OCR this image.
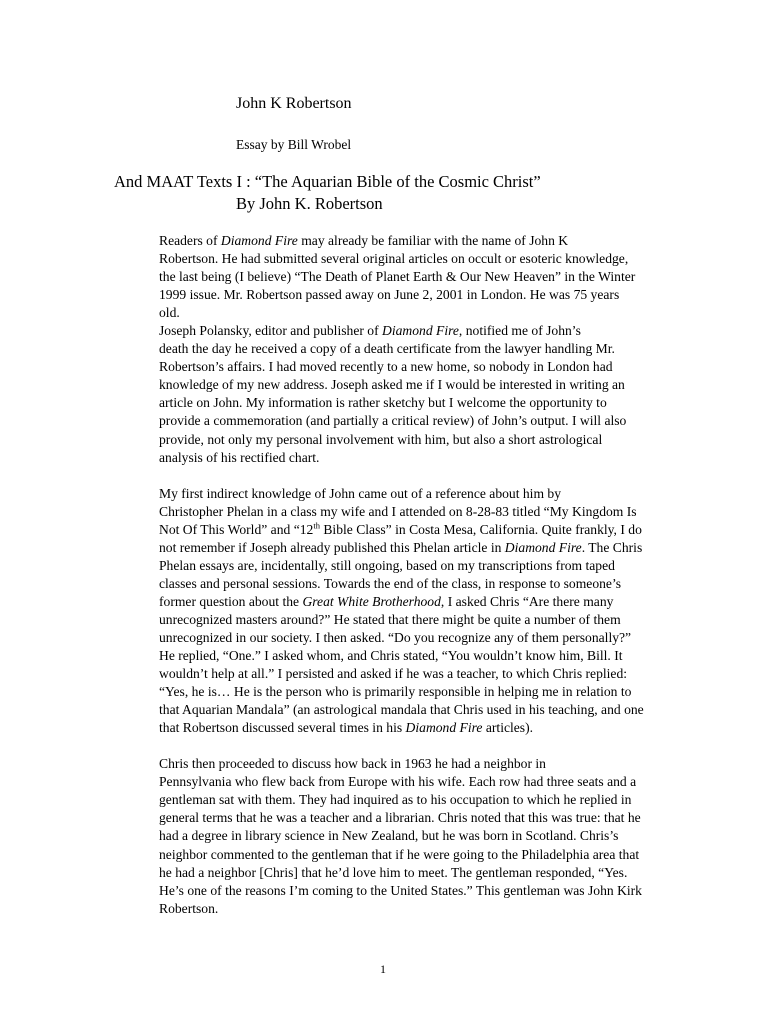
John K Robertson

Essay by Bill Wrobel

And MAAT Texts I : “The Aquarian Bible of the Cosmic Christ”

By John K. Robertson

Readers of Diamond Fire may already be familiar with the name of John K
Robertson. He had submitted several original articles on occult or esoteric knowledge,
the last being (I believe) “The Death of Planet Earth & Our New Heaven” in the Winter
1999 issue. Mr. Robertson passed away on June 2, 2001 in London. He was 75 years
old.

Joseph Polansky, editor and publisher of Diamond Fire, notified me of John’s
death the day he received a copy of a death certificate from the lawyer handling Mr.
Robertson’s affairs. I had moved recently to a new home, so nobody in London had
knowledge of my new address. Joseph asked me if I would be interested in writing an
article on John. My information is rather sketchy but I welcome the opportunity to
provide a commemoration (and partially a critical review) of John’s output. I will also
provide, not only my personal involvement with him, but also a short astrological
analysis of his rectified chart.

My first indirect knowledge of John came out of a reference about him by
Christopher Phelan in a class my wife and I attended on 8-28-83 titled “My Kingdom Is
Not Of This World” and “12th Bible Class” in Costa Mesa, California. Quite frankly, I do
not remember if Joseph already published this Phelan article in Diamond Fire. The Chris
Phelan essays are, incidentally, still ongoing, based on my transcriptions from taped
classes and personal sessions. Towards the end of the class, in response to someone’s
former question about the Great White Brotherhood, I asked Chris “Are there many
unrecognized masters around?” He stated that there might be quite a number of them
unrecognized in our society. I then asked. “Do you recognize any of them personally?”
He replied, “One.” I asked whom, and Chris stated, “You wouldn’t know him, Bill. It
wouldn’t help at all.” I persisted and asked if he was a teacher, to which Chris replied:
“Yes, he is… He is the person who is primarily responsible in helping me in relation to
that Aquarian Mandala” (an astrological mandala that Chris used in his teaching, and one
that Robertson discussed several times in his Diamond Fire articles).

Chris then proceeded to discuss how back in 1963 he had a neighbor in
Pennsylvania who flew back from Europe with his wife. Each row had three seats and a
gentleman sat with them. They had inquired as to his occupation to which he replied in
general terms that he was a teacher and a librarian. Chris noted that this was true: that he
had a degree in library science in New Zealand, but he was born in Scotland. Chris’s
neighbor commented to the gentleman that if he were going to the Philadelphia area that
he had a neighbor [Chris] that he’d love him to meet. The gentleman responded, “Yes.
He’s one of the reasons I’m coming to the United States.” This gentleman was John Kirk
Robertson.

1
